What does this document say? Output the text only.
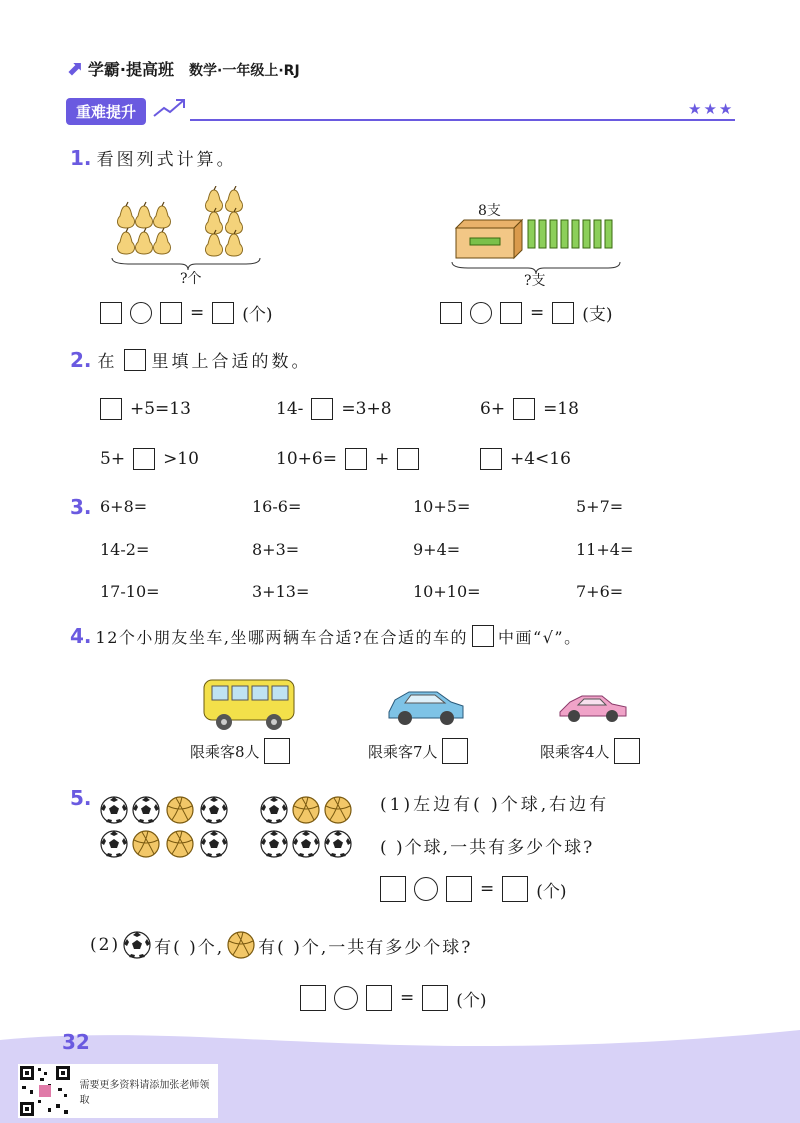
⬈ 学霸·提高班 数学·一年级上·RJ
重难提升	★★★
1. 看图列式计算。
?个
8支
?支
= (个)	= (支)
2. 在 里填上合适的数。
+5=13	14- =3+8	6+ =18
5+ >10	10+6= +	+4<16
3. 6+8=	16-6=	10+5=	5+7=
14-2=	8+3=	9+4=	11+4=
17-10=	3+13=	10+10=	7+6=
4. 12个小朋友坐车,坐哪两辆车合适?在合适的车的 中画“√”。
限乘客8人	限乘客7人	限乘客4人
5.	(1)左边有( )个球,右边有
( )个球,一共有多少个球?
= (个)
(2) 有( )个, 有( )个,一共有多少个球?
= (个)
32
需要更多资料请添加张老师领取
